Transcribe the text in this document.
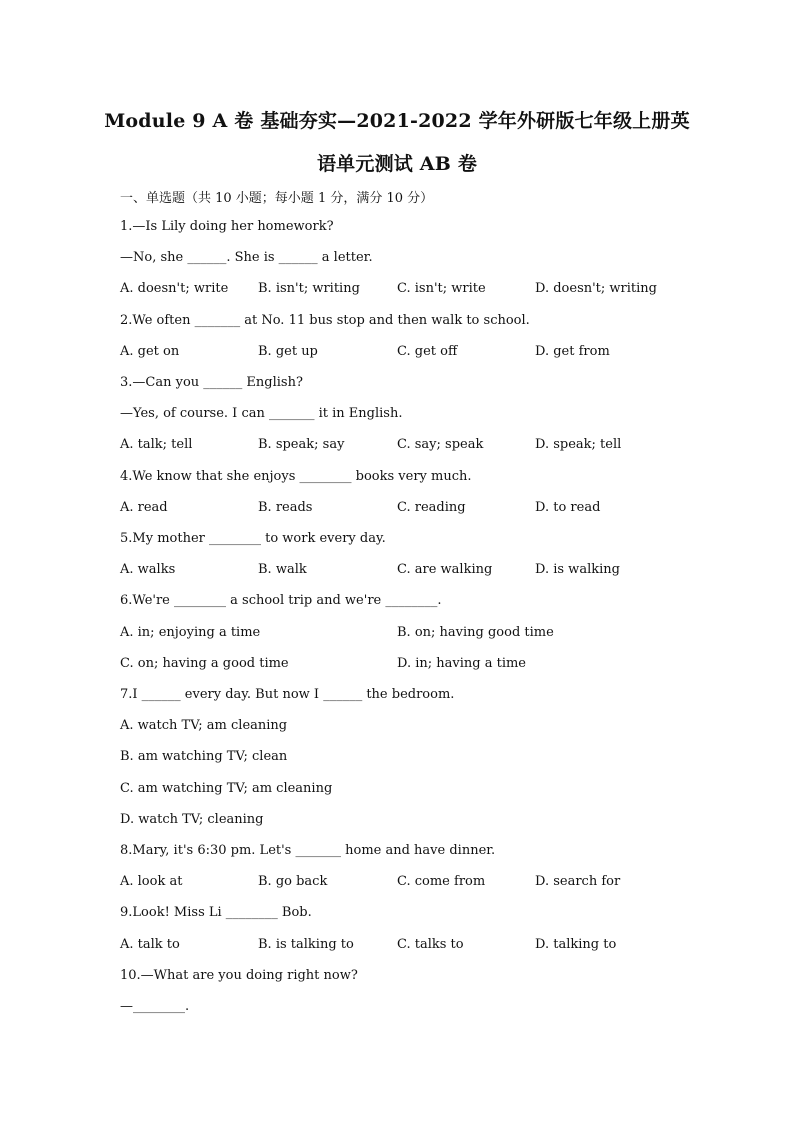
Module 9 A 卷 基础夯实—2021-2022 学年外研版七年级上册英
语单元测试 AB 卷
一、单选题（共 10 小题；每小题 1 分，满分 10 分）
1.—Is Lily doing her homework?
—No, she ______. She is ______ a letter.
A. doesn't; write B. isn't; writing	C. isn't; write	D. doesn't; writing
2.We often _______ at No. 11 bus stop and then walk to school.
A. get on	B. get up	C. get off	D. get from
3.—Can you ______ English?
—Yes, of course. I can _______ it in English.
A. talk; tell	B. speak; say	C. say; speak	D. speak; tell
4.We know that she enjoys ________ books very much.
A. read	B. reads	C. reading	D. to read
5.My mother ________ to work every day.
A. walks	B. walk	C. are walking	D. is walking
6.We're ________ a school trip and we're ________.
A. in; enjoying a time	B. on; having good time
C. on; having a good time	D. in; having a time
7.I ______ every day. But now I ______ the bedroom.
A. watch TV; am cleaning
B. am watching TV; clean
C. am watching TV; am cleaning
D. watch TV; cleaning
8.Mary, it's 6:30 pm. Let's _______ home and have dinner.
A. look at	B. go back	C. come from	D. search for
9.Look! Miss Li ________ Bob.
A. talk to	B. is talking to	C. talks to	D. talking to
10.—What are you doing right now?
—________.
